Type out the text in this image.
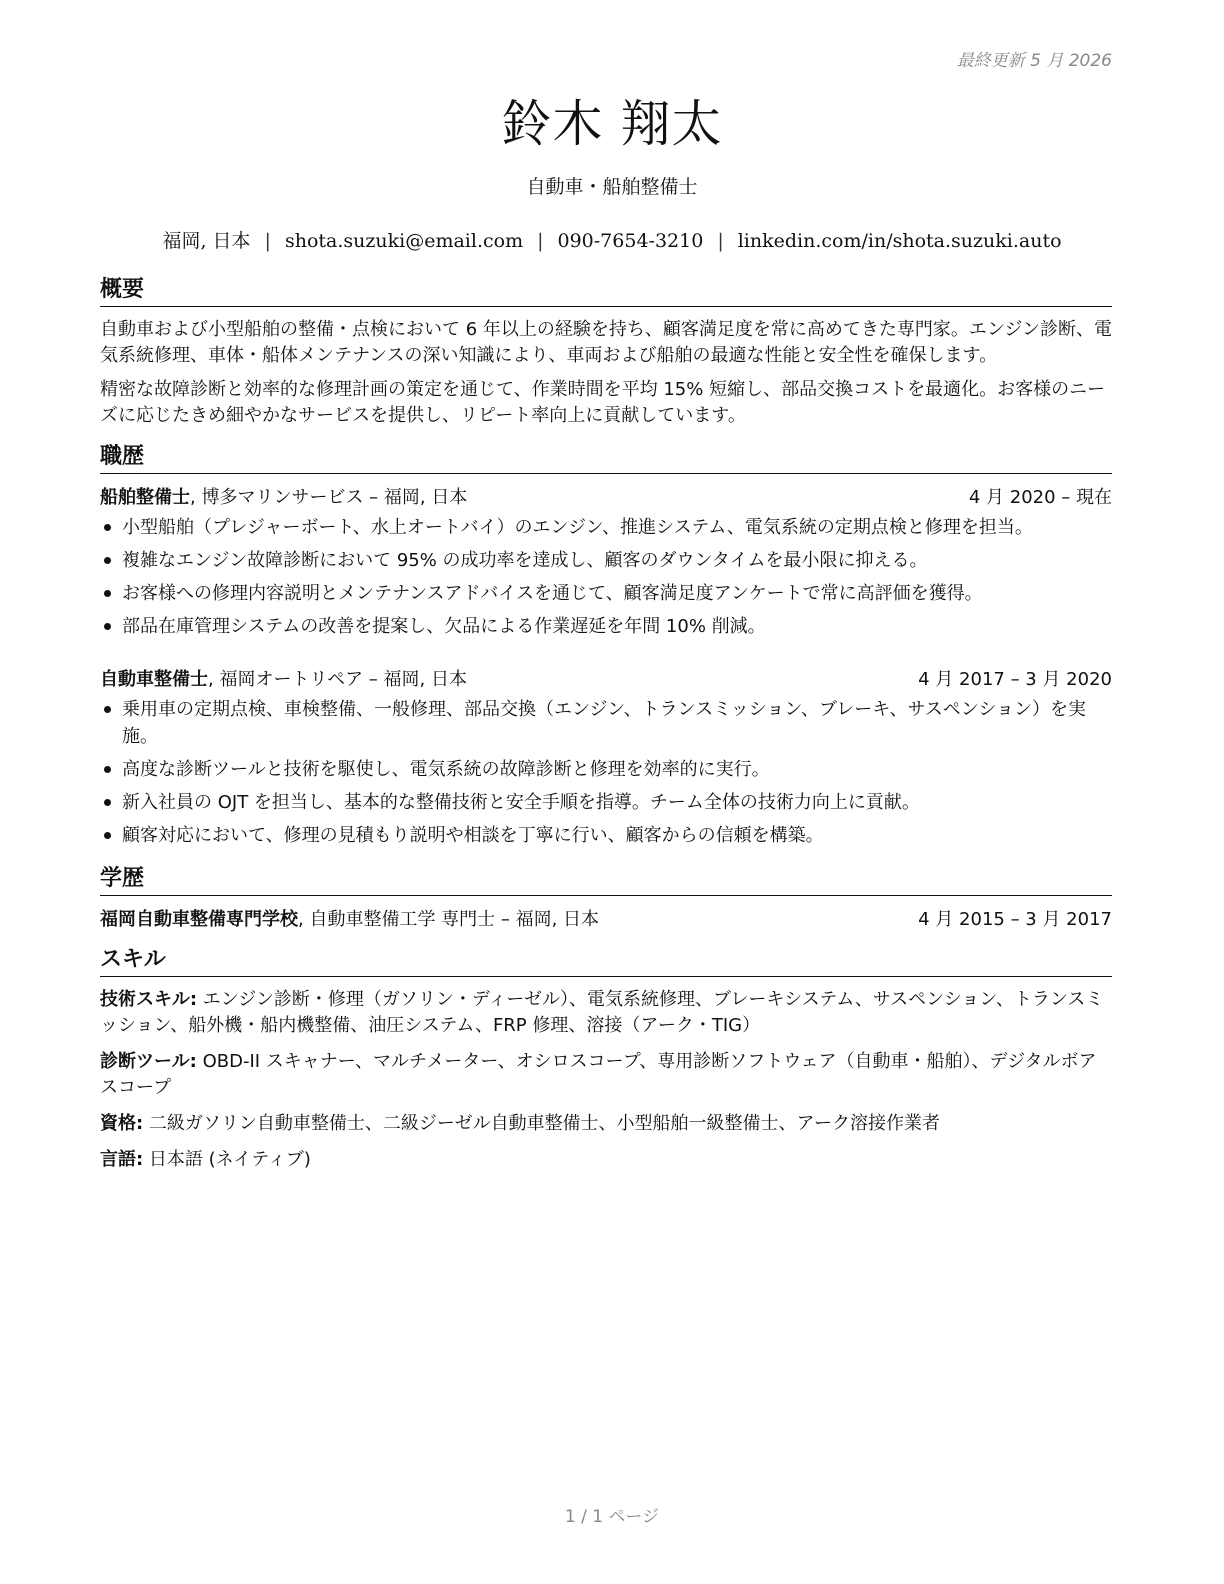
最終更新 5 月 2026
鈴木 翔太
自動車・船舶整備士
福岡, 日本 | shota.suzuki@email.com | 090-7654-3210 | linkedin.com/in/shota.suzuki.auto
概要

自動車および小型船舶の整備・点検において 6 年以上の経験を持ち、顧客満足度を常に高めてきた専門家。エンジン診断、電気系統修理、車体・船体メンテナンスの深い知識により、車両および船舶の最適な性能と安全性を確保します。

精密な故障診断と効率的な修理計画の策定を通じて、作業時間を平均 15% 短縮し、部品交換コストを最適化。お客様のニーズに応じたきめ細やかなサービスを提供し、リピート率向上に貢献しています。

職歴
船舶整備士, 博多マリンサービス – 福岡, 日本	4 月 2020 – 現在
小型船舶（プレジャーボート、水上オートバイ）のエンジン、推進システム、電気系統の定期点検と修理を担当。
複雑なエンジン故障診断において 95% の成功率を達成し、顧客のダウンタイムを最小限に抑える。
お客様への修理内容説明とメンテナンスアドバイスを通じて、顧客満足度アンケートで常に高評価を獲得。
部品在庫管理システムの改善を提案し、欠品による作業遅延を年間 10% 削減。
自動車整備士, 福岡オートリペア – 福岡, 日本	4 月 2017 – 3 月 2020
乗用車の定期点検、車検整備、一般修理、部品交換（エンジン、トランスミッション、ブレーキ、サスペンション）を実施。
高度な診断ツールと技術を駆使し、電気系統の故障診断と修理を効率的に実行。
新入社員の OJT を担当し、基本的な整備技術と安全手順を指導。チーム全体の技術力向上に貢献。
顧客対応において、修理の見積もり説明や相談を丁寧に行い、顧客からの信頼を構築。
学歴
福岡自動車整備専門学校, 自動車整備工学 専門士 – 福岡, 日本	4 月 2015 – 3 月 2017
スキル

技術スキル: エンジン診断・修理（ガソリン・ディーゼル）、電気系統修理、ブレーキシステム、サスペンション、トランスミッション、船外機・船内機整備、油圧システム、FRP 修理、溶接（アーク・TIG）

診断ツール: OBD-II スキャナー、マルチメーター、オシロスコープ、専用診断ソフトウェア（自動車・船舶）、デジタルボアスコープ

資格: 二級ガソリン自動車整備士、二級ジーゼル自動車整備士、小型船舶一級整備士、アーク溶接作業者

言語: 日本語 (ネイティブ)

1 / 1 ページ
